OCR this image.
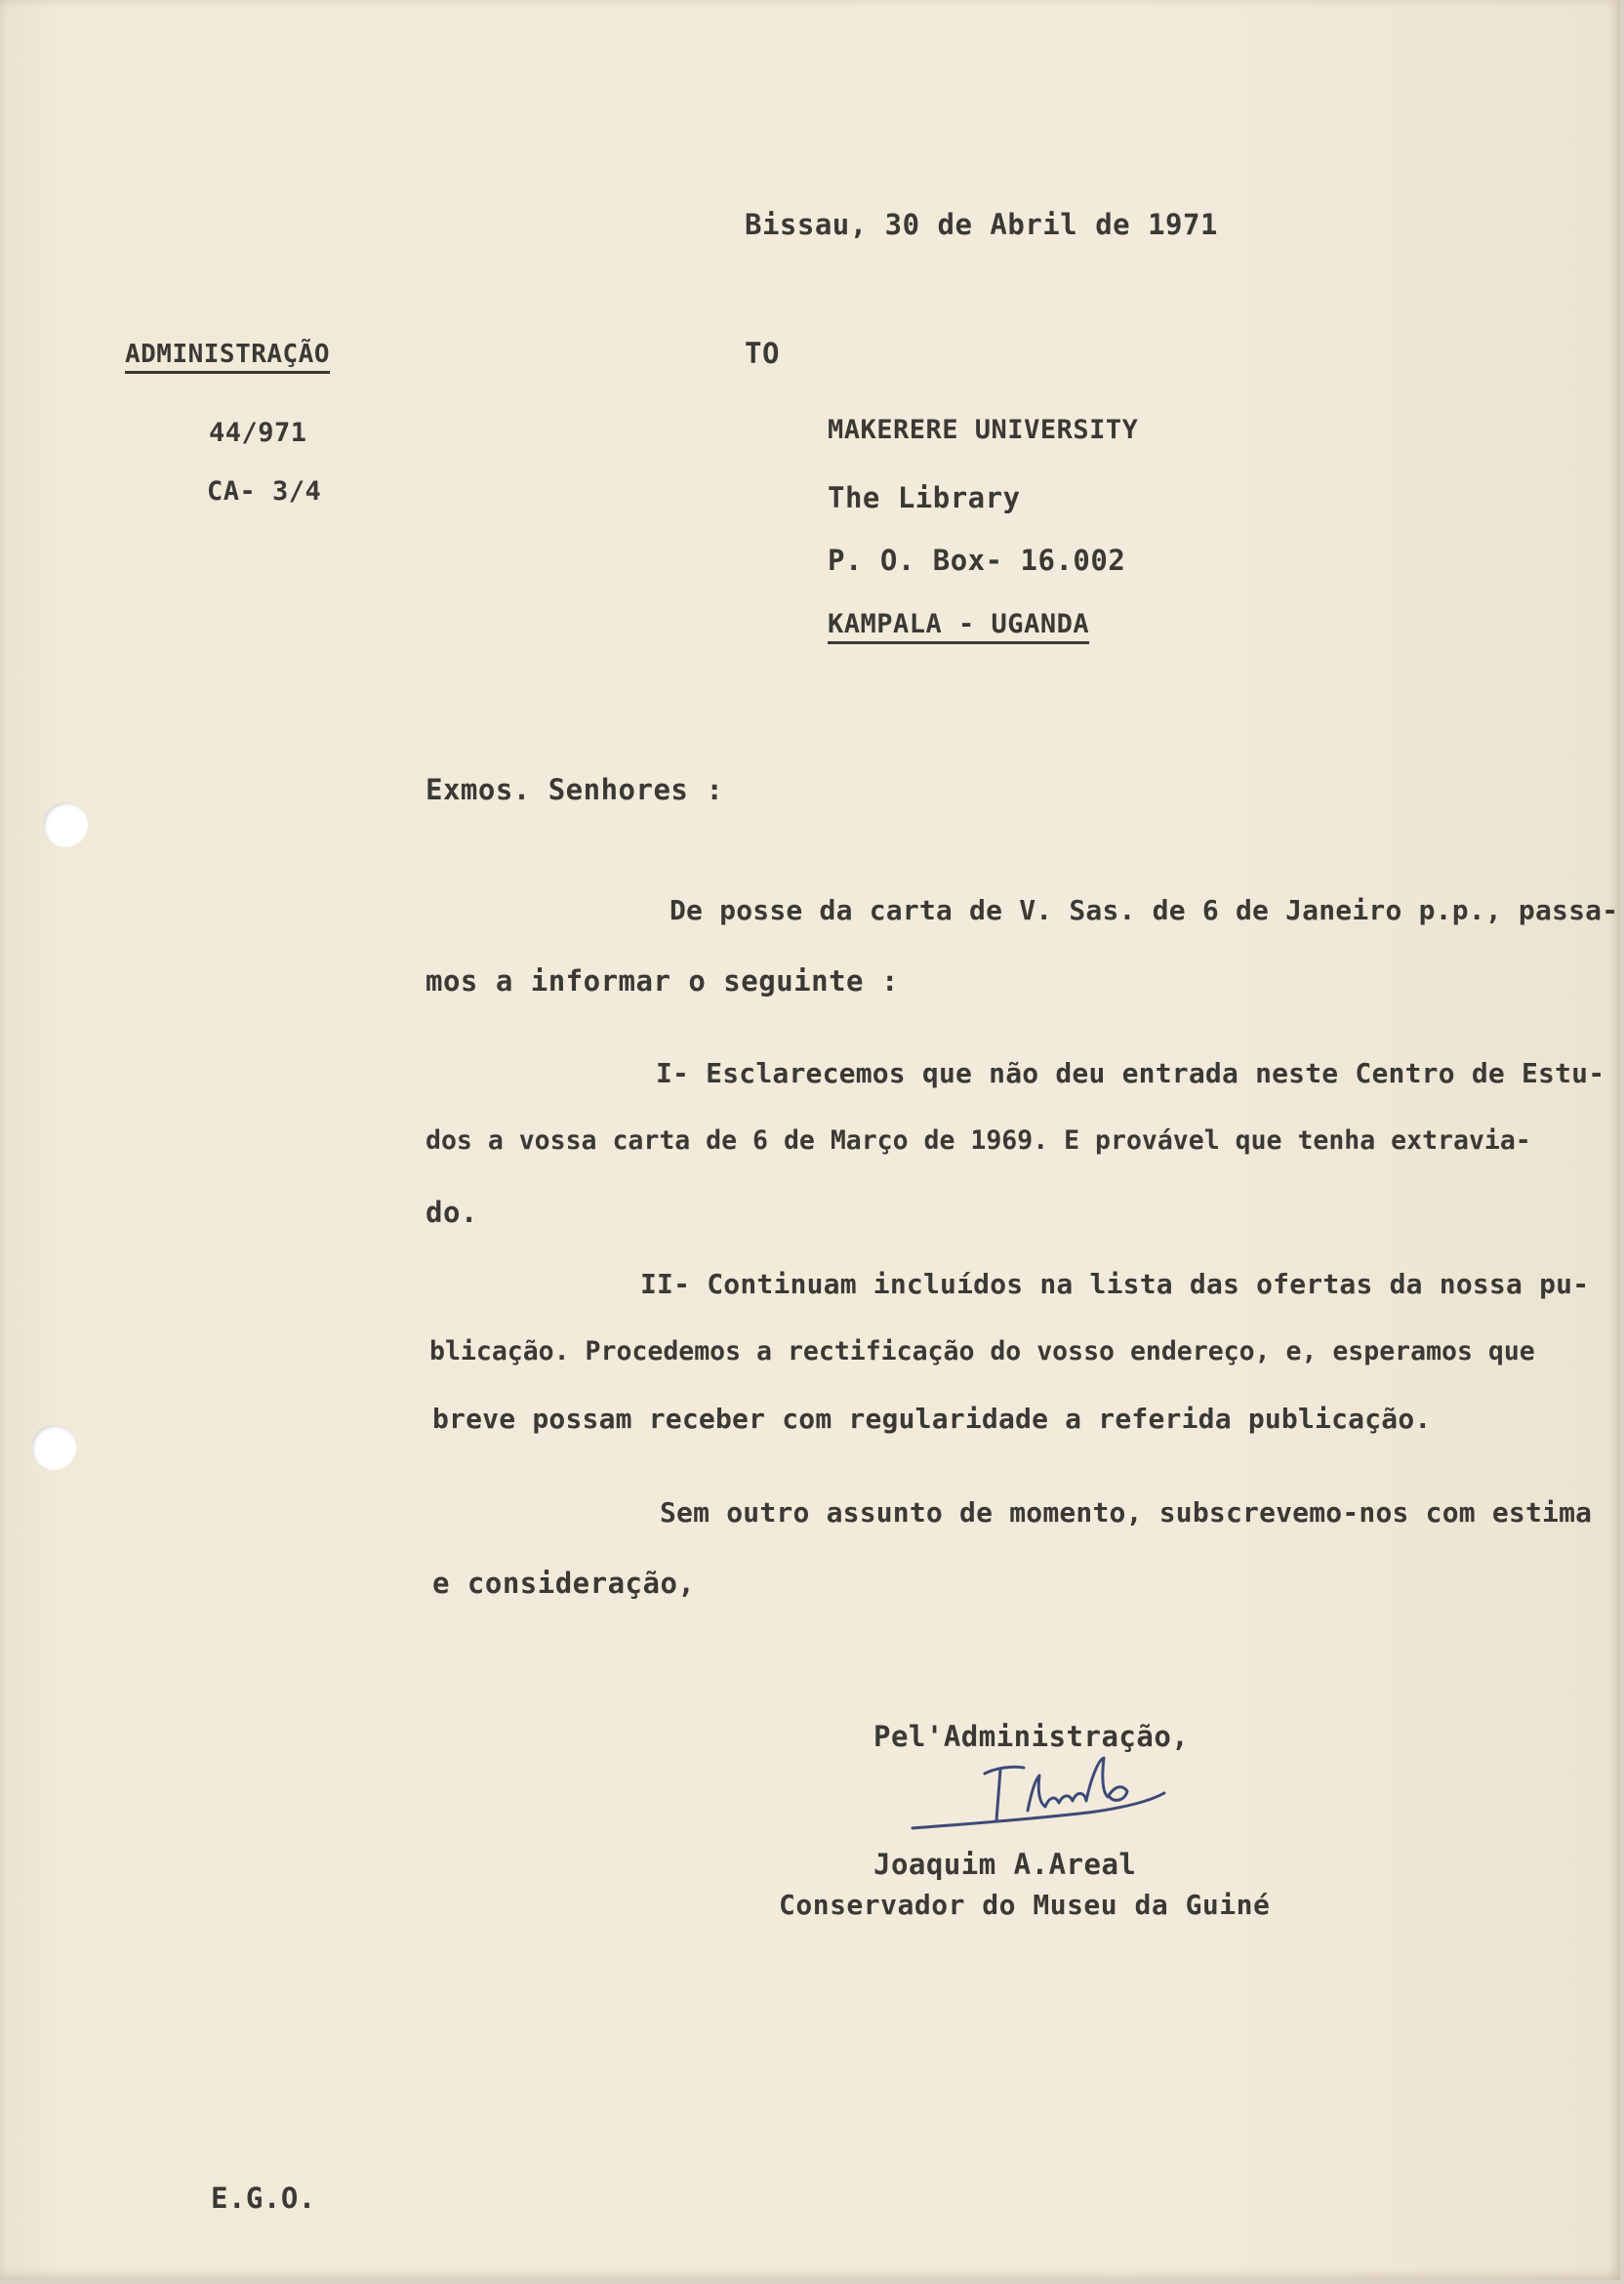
Bissau, 30 de Abril de 1971
ADMINISTRAÇÃO
44/971
CA- 3/4
TO
MAKERERE UNIVERSITY
The Library
P. O. Box- 16.002
KAMPALA - UGANDA
Exmos. Senhores :
De posse da carta de V. Sas. de 6 de Janeiro p.p., passa-
mos a informar o seguinte :
I- Esclarecemos que não deu entrada neste Centro de Estu-
dos a vossa carta de 6 de Março de 1969. E provável que tenha extravia-
do.
II- Continuam incluídos na lista das ofertas da nossa pu-
blicação. Procedemos a rectificação do vosso endereço, e, esperamos que
breve possam receber com regularidade a referida publicação.
Sem outro assunto de momento, subscrevemo-nos com estima
e consideração,
Pel'Administração,
Joaquim A.Areal
Conservador do Museu da Guiné
E.G.O.
